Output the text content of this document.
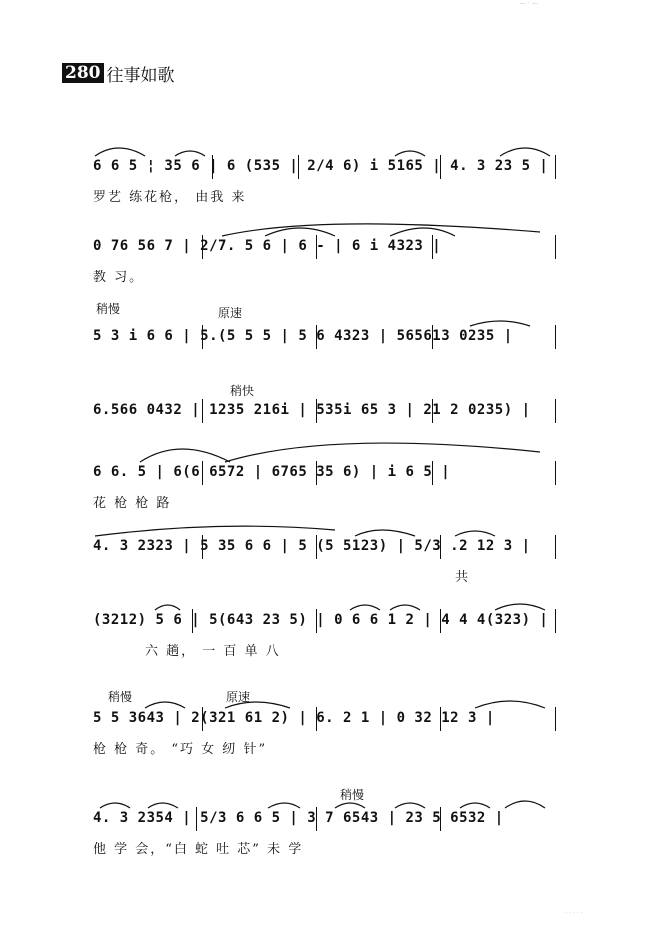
— · —
280 往事如歌
6 6 5 ¦ 35 6 | 6 (535 | 2/4 6) i 5165 | 4. 3 23 5 |
罗艺 练花枪， 由我 来
0 76 56 7 | 2/7. 5 6 | 6 - | 6 i 4323 |
教 习。
稍慢	原速
5 3 i 6 6 | 5.(5 5 5 | 5 6 4323 | 565613 0235 |
稍快
6.566 0432 | 1235 216i | 535i 65 3 | 21 2 0235) |
6 6. 5 | 6(6 6572 | 6765 35 6) | i 6 5 |
花 枪 枪 路
4. 3 2323 | 5 35 6 6 | 5 (5 5123) | 5/3 .2 12 3 |
共
(3212) 5 6 | 5(643 23 5) | 0 6 6 1 2 | 4 4 4(323) |
六 趟， 一 百 单 八
稍慢	原速
5 5 3643 | 2(321 61 2) | 6. 2 1 | 0 32 12 3 |
枪 枪 奇。 “巧 女 纫 针”
稍慢
4. 3 2354 | 5/3 6 6 5 | 3 7 6543 | 23 5 6532 |
他 学 会，“白 蛇 吐 芯” 未 学
· · · · ·
